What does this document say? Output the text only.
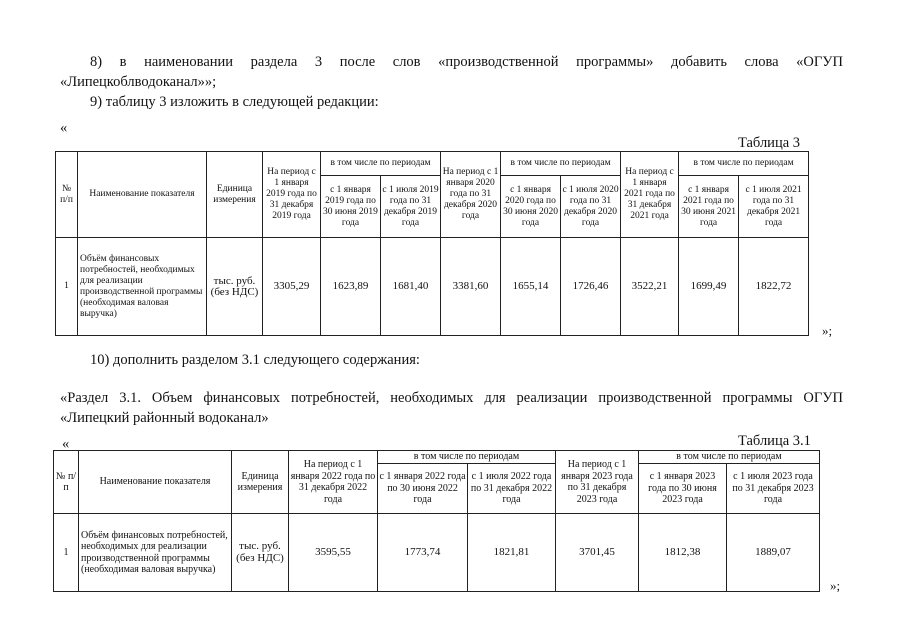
8) в наименовании раздела 3 после слов «производственной программы» добавить слова «ОГУП
«Липецкоблводоканал»»;
9) таблицу 3 изложить в следующей редакции:
«
Таблица 3
№ п/п	Наименование показателя	Единица измерения	На период с 1 января 2019 года по 31 декабря 2019 года	в том числе по периодам		На период с 1 января 2020 года по 31 декабря 2020 года	в том числе по периодам		На период с 1 января 2021 года по 31 декабря 2021 года	в том числе по периодам	
				с 1 января 2019 года по 30 июня 2019 года	с 1 июля 2019 года по 31 декабря 2019 года		с 1 января 2020 года по 30 июня 2020 года	с 1 июля 2020 года по 31 декабря 2020 года		с 1 января 2021 года по 30 июня 2021 года	с 1 июля 2021 года по 31 декабря 2021 года
1	Объём финансовых потребностей, необходимых для реализации производственной программы (необходимая валовая выручка)	тыс. руб. (без НДС)	3305,29	1623,89	1681,40	3381,60	1655,14	1726,46	3522,21	1699,49	1822,72
»;
10) дополнить разделом 3.1 следующего содержания:
«Раздел 3.1. Объем финансовых потребностей, необходимых для реализации производственной программы ОГУП
«Липецкий районный водоканал»
«	Таблица 3.1
№ п/п	Наименование показателя	Единица измерения	На период с 1 января 2022 года по 31 декабря 2022 года	в том числе по периодам		На период с 1 января 2023 года по 31 декабря 2023 года	в том числе по периодам	
				с 1 января 2022 года по 30 июня 2022 года	с 1 июля 2022 года по 31 декабря 2022 года		с 1 января 2023 года по 30 июня 2023 года	с 1 июля 2023 года по 31 декабря 2023 года
1	Объём финансовых потребностей, необходимых для реализации производственной программы (необходимая валовая выручка)	тыс. руб. (без НДС)	3595,55	1773,74	1821,81	3701,45	1812,38	1889,07
»;
